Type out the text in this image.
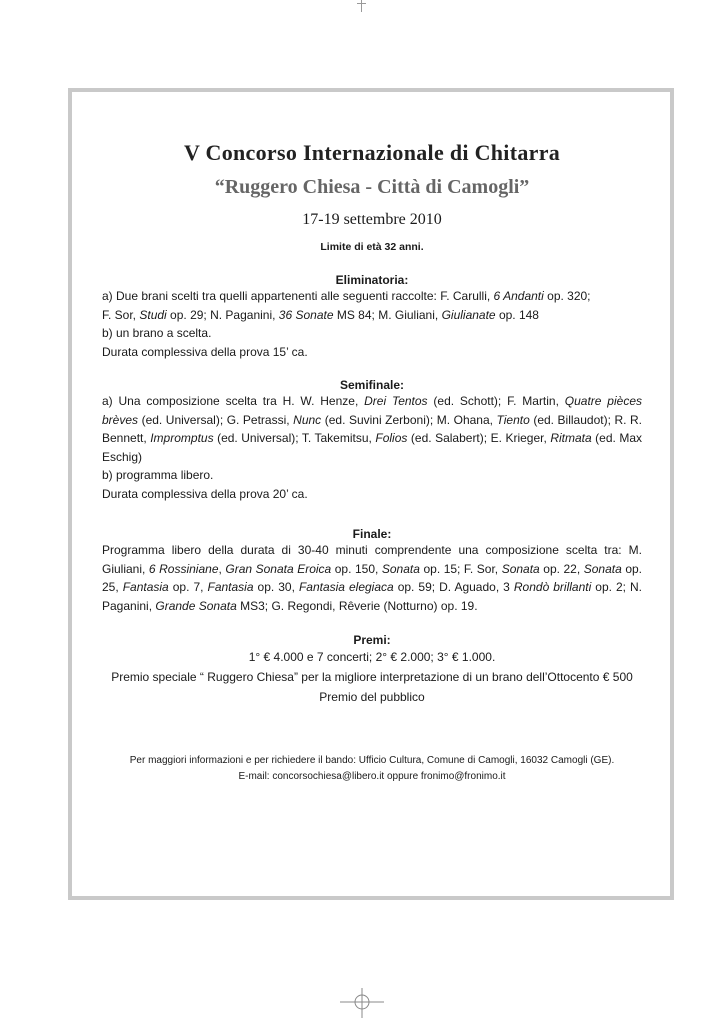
V Concorso Internazionale di Chitarra

“Ruggero Chiesa - Città di Camogli”

17-19 settembre 2010

Limite di età 32 anni.

Eliminatoria:

a) Due brani scelti tra quelli appartenenti alle seguenti raccolte: F. Carulli, 6 Andanti op. 320;
F. Sor, Studi op. 29; N. Paganini, 36 Sonate MS 84; M. Giuliani, Giulianate op. 148
b) un brano a scelta.
Durata complessiva della prova 15’ ca.

Semifinale:

a) Una composizione scelta tra H. W. Henze, Drei Tentos (ed. Schott); F. Martin, Quatre pièces brèves (ed. Universal); G. Petrassi, Nunc (ed. Suvini Zerboni); M. Ohana, Tiento (ed. Billaudot); R. R. Bennett, Impromptus (ed. Universal); T. Takemitsu, Folios (ed. Salabert); E. Krieger, Ritmata (ed. Max Eschig)

b) programma libero.

Durata complessiva della prova 20’ ca.

Finale:

Programma libero della durata di 30-40 minuti comprendente una composizione scelta tra: M. Giuliani, 6 Rossiniane, Gran Sonata Eroica op. 150, Sonata op. 15; F. Sor, Sonata op. 22, Sonata op. 25, Fantasia op. 7, Fantasia op. 30, Fantasia elegiaca op. 59; D. Aguado, 3 Rondò brillanti op. 2; N. Paganini, Grande Sonata MS3; G. Regondi, Rêverie (Notturno) op. 19.

Premi:

1° € 4.000 e 7 concerti; 2° € 2.000; 3° € 1.000.

Premio speciale “ Ruggero Chiesa” per la migliore interpretazione di un brano dell’Ottocento € 500

Premio del pubblico

Per maggiori informazioni e per richiedere il bando: Ufficio Cultura, Comune di Camogli, 16032 Camogli (GE).
E-mail: concorsochiesa@libero.it oppure fronimo@fronimo.it
